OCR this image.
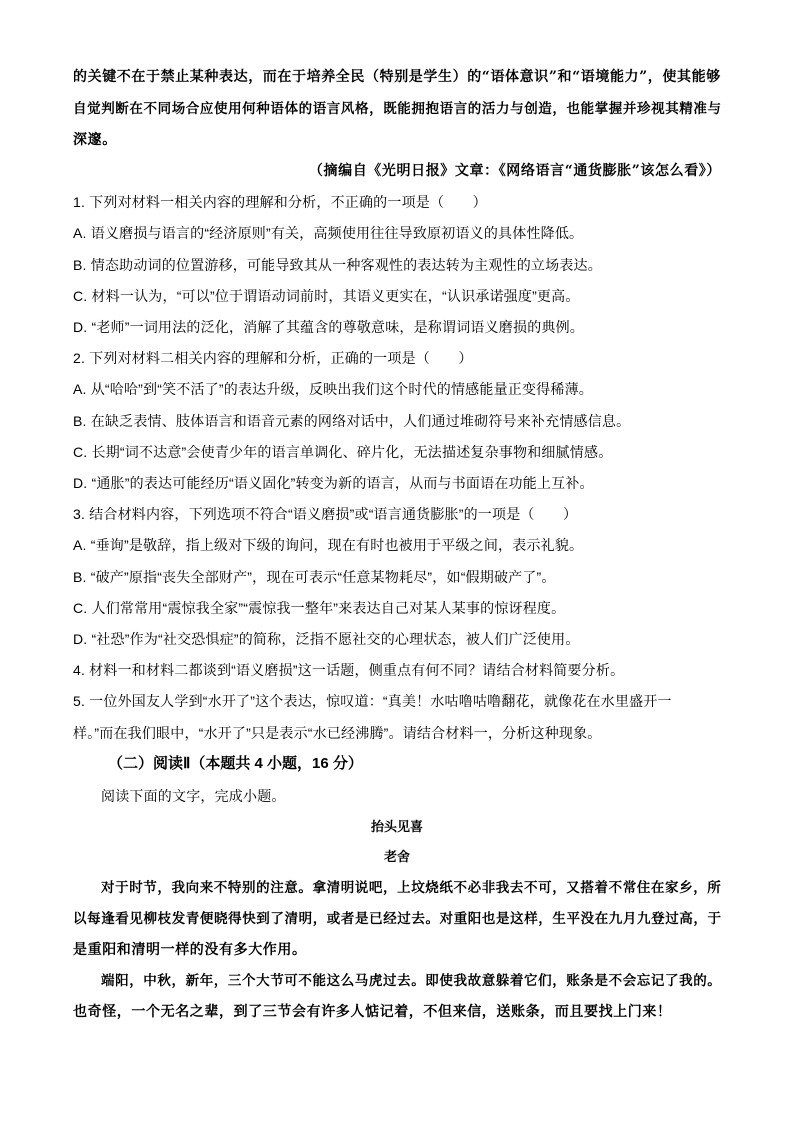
的关键不在于禁止某种表达，而在于培养全民（特别是学生）的“语体意识”和“语境能力”，使其能够
自觉判断在不同场合应使用何种语体的语言风格，既能拥抱语言的活力与创造，也能掌握并珍视其精准与
深邃。
（摘编自《光明日报》文章：《网络语言“通货膨胀”该怎么看》）
1. 下列对材料一相关内容的理解和分析，不正确的一项是（　　）
A. 语义磨损与语言的“经济原则”有关，高频使用往往导致原初语义的具体性降低。
B. 情态助动词的位置游移，可能导致其从一种客观性的表达转为主观性的立场表达。
C. 材料一认为，“可以”位于谓语动词前时，其语义更实在，“认识承诺强度”更高。
D. “老师”一词用法的泛化，消解了其蕴含的尊敬意味，是称谓词语义磨损的典例。
2. 下列对材料二相关内容的理解和分析，正确的一项是（　　）
A. 从“哈哈”到“笑不活了”的表达升级，反映出我们这个时代的情感能量正变得稀薄。
B. 在缺乏表情、肢体语言和语音元素的网络对话中，人们通过堆砌符号来补充情感信息。
C. 长期“词不达意”会使青少年的语言单调化、碎片化，无法描述复杂事物和细腻情感。
D. “通胀”的表达可能经历“语义固化”转变为新的语言，从而与书面语在功能上互补。
3. 结合材料内容，下列选项不符合“语义磨损”或“语言通货膨胀”的一项是（　　）
A. “垂询”是敬辞，指上级对下级的询问，现在有时也被用于平级之间，表示礼貌。
B. “破产”原指“丧失全部财产”，现在可表示“任意某物耗尽”，如“假期破产了”。
C. 人们常常用“震惊我全家”“震惊我一整年”来表达自己对某人某事的惊讶程度。
D. “社恐”作为“社交恐惧症”的简称，泛指不愿社交的心理状态，被人们广泛使用。
4. 材料一和材料二都谈到“语义磨损”这一话题，侧重点有何不同？请结合材料简要分析。
5. 一位外国友人学到“水开了”这个表达，惊叹道：“真美！水咕噜咕噜翻花，就像花在水里盛开一
样。”而在我们眼中，“水开了”只是表示“水已经沸腾”。请结合材料一，分析这种现象。
（二）阅读Ⅱ（本题共 4 小题，16 分）
阅读下面的文字，完成小题。
抬头见喜
老舍
对于时节，我向来不特别的注意。拿清明说吧，上坟烧纸不必非我去不可，又搭着不常住在家乡，所
以每逢看见柳枝发青便晓得快到了清明，或者是已经过去。对重阳也是这样，生平没在九月九登过高，于
是重阳和清明一样的没有多大作用。
端阳，中秋，新年，三个大节可不能这么马虎过去。即使我故意躲着它们，账条是不会忘记了我的。
也奇怪，一个无名之辈，到了三节会有许多人惦记着，不但来信，送账条，而且要找上门来！
